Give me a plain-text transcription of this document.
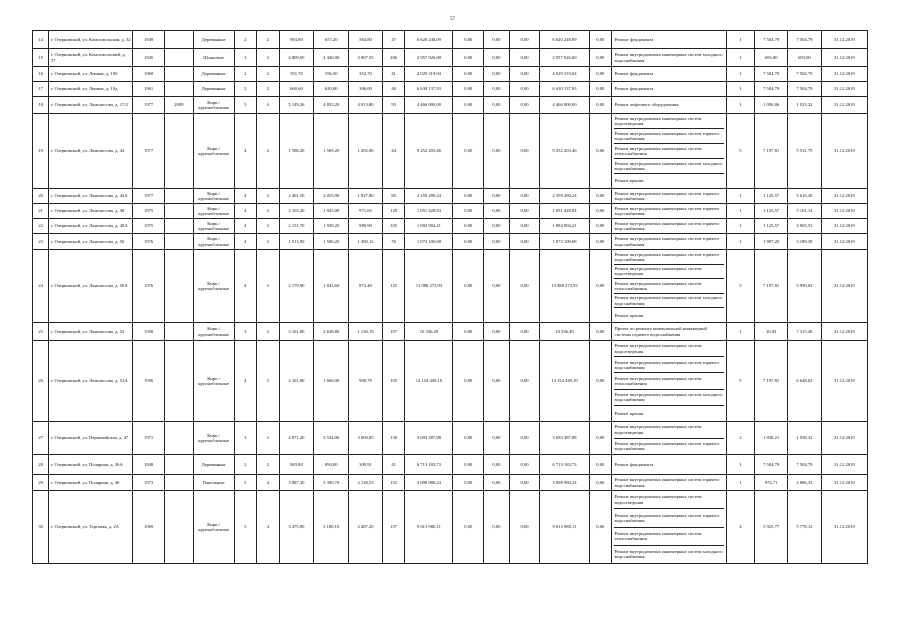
57
14	г. Озерновский, ул. Комсомольская, д. 32	1949		Деревянные	2	2	983,80	657,20	564,80	47	6 620 248,09	0,00	0,00	0,00	6 620 248,09	0,00	Ремонт фундамента	1	7 504,79	7 504,79	31.12.2019
15	г. Озерновский, ул. Комсомольский, д. 37	1945		Шлаковые	3	3	4 809,00	4 440,00	3 967,55	206	2 957 926,00	0,00	0,00	0,00	2 957 926,00	0,00	Ремонт внутридомовых инженерных систем холодного водоснабжения	1	693,00	693,00	31.12.2019
16	г. Озерновский, ул. Ленина, д. 19б	1960		Деревянные	2	2	591,70	556,50	352,70	41	4 029 319,04	0,00	0,00	0,00	4 029 319,04	0,00	Ремонт фундамента	1	7 504,79	7 504,79	31.12.2019
17	г. Озерновский, ул. Ленина, д. 19д	1961		Деревянные	2	2	660,60	620,00	386,00	46	6 630 137,93	0,00	0,00	0,00	6 630 137,93	0,00	Ремонт фундамента	1	7 504,79	7 504,79	31.12.2019
18	г. Озерновский, ул. Ломоносова, д. 17/2	1977	2009	Кирп./ крупноблочные	5	4	5 149,26	4 853,20	4 013,80	93	4 466 000,00	0,00	0,00	0,00	4 466 000,00	0,00	Ремонт лифтового оборудования	1	1 096,86	1 023,32	31.12.2019
19	г. Озерновский, ул. Ломоносова, д. 44	1977		Кирп./ крупноблочные	4	2	1 586,20	1 569,20	1 202,90	44	9 252 203,46	0,00	0,00	0,00	9 252 203,46	0,00	Ремонт внутридомовых инженерных систем водоотведения
Ремонт внутридомовых инженерных систем горячего водоснабжения
Ремонт внутридомовых инженерных систем теплоснабжения
Ремонт внутридомовых инженерных систем холодного водоснабжения
Ремонт крыши	5	7 197,81	5 531,79	31.12.2019
20	г. Озерновский, ул. Ломоносова, д. 44А	1977		Кирп./ крупноблочные	4	3	2 401,50	2 055,90	1 827,80	85	2 359 280,24	0,00	0,00	0,00	2 359 280,24	0,00	Ремонт внутридомовых инженерных систем горячего водоснабжения	1	1 125,57	5 616,30	31.12.2019
21	г. Озерновский, ул. Ломоносова, д. 48	1975		Кирп./ крупноблочные	4	3	2 103,40	1 945,00	971,65	129	1 051 428,84	0,00	0,00	0,00	1 051 428,84	0,00	Ремонт внутридомовых инженерных систем горячего водоснабжения	1	1 125,57	5 161,14	31.12.2019
22	г. Озерновский, ул. Ломоносова, д. 48А	1975		Кирп./ крупноблочные	4	3	2 151,70	1 930,20	980,90	105	1 084 904,21	0,00	0,00	0,00	1 084 904,21	0,00	Ремонт внутридомовых инженерных систем горячего водоснабжения	1	1 125,57	4 905,53	31.12.2019
23	г. Озерновский, ул. Ломоносова, д. 50	1976		Кирп./ крупноблочные	4	3	1 513,90	1 506,20	1 300,12	76	1 073 100,68	0,00	0,00	0,00	1 073 100,68	0,00	Ремонт внутридомовых инженерных систем горячего водоснабжения	1	1 997,20	3 189,38	31.12.2019
24	г. Озерновский, ул. Ломоносова, д. 50А	1976		Кирп./ крупноблочные	4	3	2 179,90	1 843,60	873,40	125	13 988 273,93	0,00	0,00	0,00	13 988 273,93	0,00	Ремонт внутридомовых инженерных систем горячего водоснабжения
Ремонт внутридомовых инженерных систем водоотведения
Ремонт внутридомовых инженерных систем теплоснабжения
Ремонт внутридомовых инженерных систем холодного водоснабжения
Ремонт крыши	5	7 197,81	5 990,02	31.12.2019
25	г. Озерновский, ул. Ломоносова, д. 52	1958		Кирп./ крупноблочные	3	3	3 161,80	2 638,80	1 130,19	107	10 336,49	0,00	0,00	0,00	10 336,49	0,00	Проект по ремонту коммунальной инженерной системы горячего водоснабжения	1	10,03	7 315,40	31.12.2019
26	г. Озерновский, ул. Ломоносова, д. 52А	1956		Кирп./ крупноблочные	4	3	2 161,80	1 666,00	990,79	105	14 154 449,10	0,00	0,00	0,00	14 154 449,10	0,00	Ремонт внутридомовых инженерных систем водоотведения
Ремонт внутридомовых инженерных систем горячего водоснабжения
Ремонт внутридомовых инженерных систем теплоснабжения
Ремонт внутридомовых инженерных систем холодного водоснабжения
Ремонт крыши	5	7 197,81	6 648,02	31.12.2019
27	г. Озерновский, ул. Первомайская, д. 47	1971		Кирп./ крупноблочные	3	2	4 871,20	3 534,00	3 000,85	130	3 693 387,88	0,00	0,00	0,00	3 693 387,88	0,00	Ремонт внутридомовых инженерных систем водоотведения
Ремонт внутридомовых инженерных систем горячего водоснабжения	2	1 938,21	1 038,32	31.12.2019
28	г. Озерновский, ул. Полярная, д. 36А	1948		Деревянные	2	2	983,80	894,00	309,91	41	6 713 183,73	0,00	0,00	0,00	6 713 183,73	0,00	Ремонт фундамента	1	7 504,79	7 504,79	31.12.2019
29	г. Озерновский, ул. Полярная, д. 46	1973		Панельные	5	4	3 887,30	3 390,70	2 128,53	152	3 098 980,24	0,00	0,00	0,00	3 098 980,24	0,00	Ремонт внутридомовых инженерных систем горячего водоснабжения	1	974,71	2 886,33	31.12.2019
30	г. Озерновский, ул. Торговая, д. 2А	1969		Кирп./ крупноблочные	5	4	3 475,90	3 180,10	2 487,20	157	9 613 980,11	0,00	0,00	0,00	9 613 980,11	0,00	Ремонт внутридомовых инженерных систем водоотведения
Ремонт внутридомовых инженерных систем горячего водоснабжения
Ремонт внутридомовых инженерных систем теплоснабжения
Ремонт внутридомовых инженерных систем холодного водоснабжения	4	5 925,77	5 778,12	31.12.2019
